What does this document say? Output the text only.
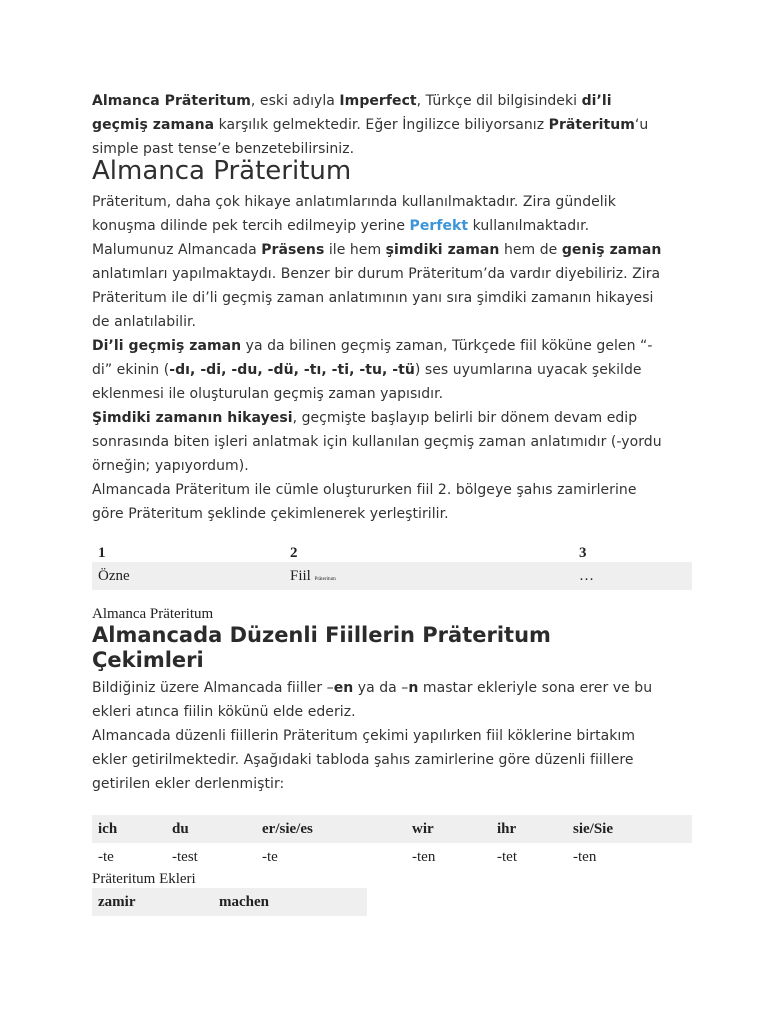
Almanca Präteritum, eski adıyla Imperfect, Türkçe dil bilgisindeki di’li geçmiş zamana karşılık gelmektedir. Eğer İngilizce biliyorsanız Präteritum‘u simple past tense’e benzetebilirsiniz.

Almanca Präteritum

Präteritum, daha çok hikaye anlatımlarında kullanılmaktadır. Zira gündelik konuşma dilinde pek tercih edilmeyip yerine Perfekt kullanılmaktadır. Malumunuz Almancada Präsens ile hem şimdiki zaman hem de geniş zaman anlatımları yapılmaktaydı. Benzer bir durum Präteritum’da vardır diyebiliriz. Zira Präteritum ile di’li geçmiş zaman anlatımının yanı sıra şimdiki zamanın hikayesi de anlatılabilir.

Di’li geçmiş zaman ya da bilinen geçmiş zaman, Türkçede fiil köküne gelen “-di” ekinin (-dı, -di, -du, -dü, -tı, -ti, -tu, -tü) ses uyumlarına uyacak şekilde eklenmesi ile oluşturulan geçmiş zaman yapısıdır.

Şimdiki zamanın hikayesi, geçmişte başlayıp belirli bir dönem devam edip sonrasında biten işleri anlatmak için kullanılan geçmiş zaman anlatımıdır (-yordu örneğin; yapıyordum).

Almancada Präteritum ile cümle oluştururken fiil 2. bölgeye şahıs zamirlerine göre Präteritum şeklinde çekimlenerek yerleştirilir.

1	2	3
Özne	Fiil Präteritum	…
Almanca Präteritum
Almancada Düzenli Fiillerin Präteritum Çekimleri

Bildiğiniz üzere Almancada fiiller –en ya da –n mastar ekleriyle sona erer ve bu ekleri atınca fiilin kökünü elde ederiz.

Almancada düzenli fiillerin Präteritum çekimi yapılırken fiil köklerine birtakım ekler getirilmektedir. Aşağıdaki tabloda şahıs zamirlerine göre düzenli fiillere getirilen ekler derlenmiştir:

ich	du	er/sie/es	wir	ihr	sie/Sie
-te	-test	-te	-ten	-tet	-ten
Präteritum Ekleri
zamir	machen
